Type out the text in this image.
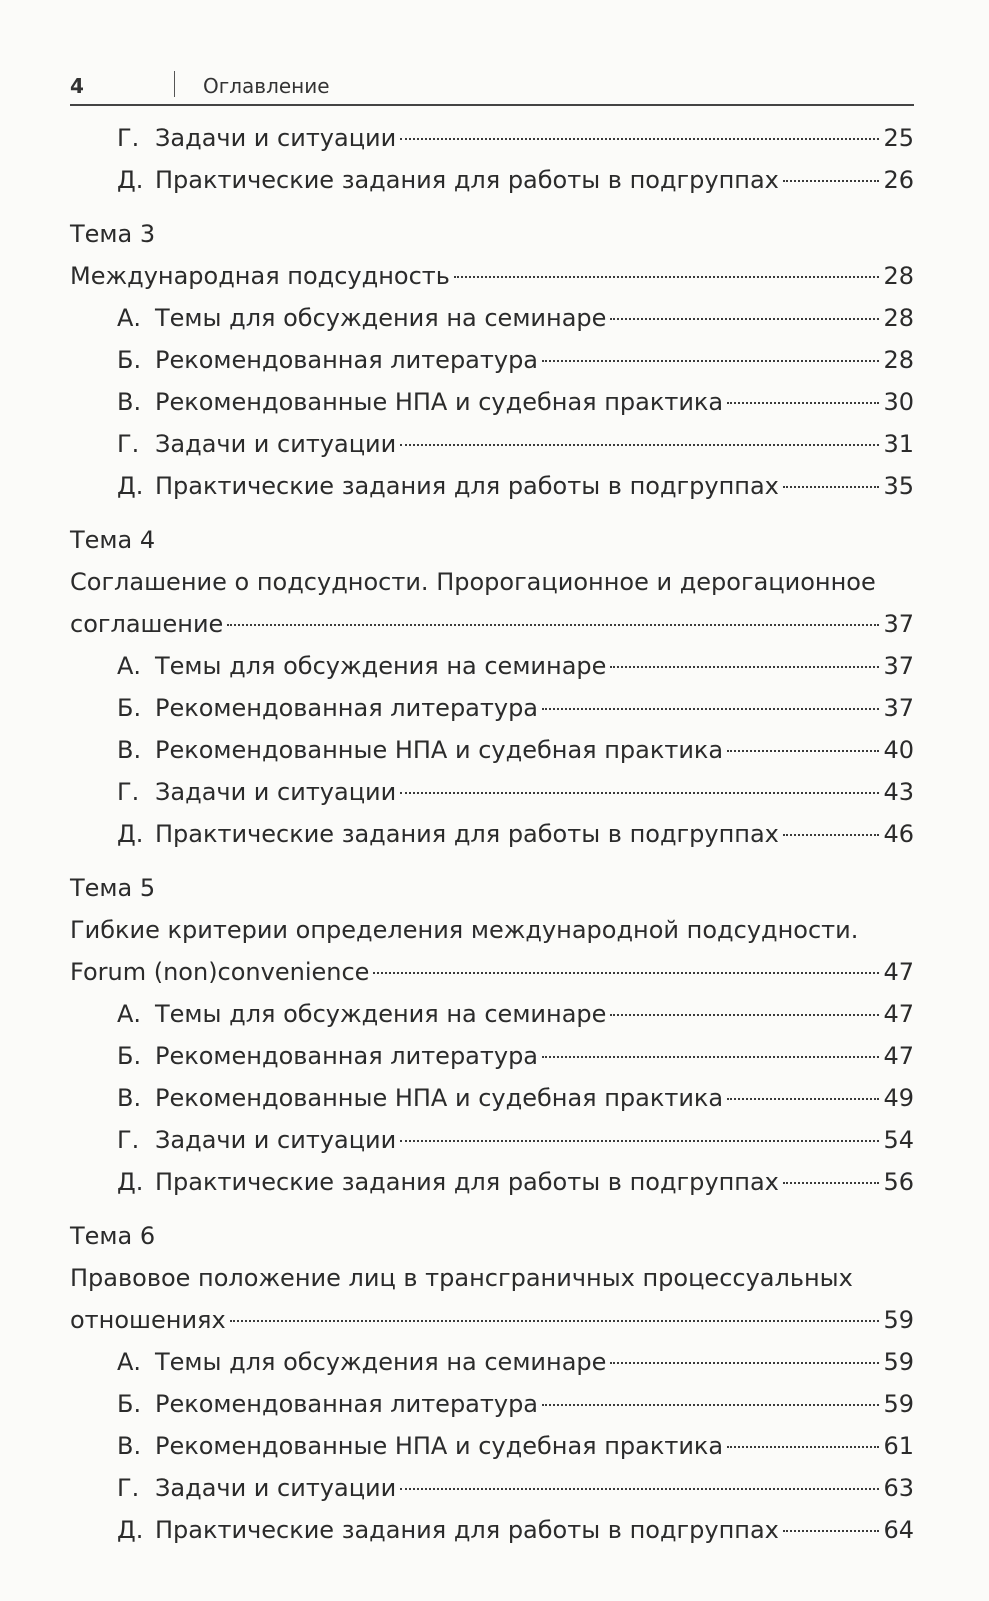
4	Оглавление
Г. Задачи и ситуации	25
Д. Практические задания для работы в подгруппах	26
Тема 3
Международная подсудность	28
А. Темы для обсуждения на семинаре	28
Б. Рекомендованная литература	28
В. Рекомендованные НПА и судебная практика	30
Г. Задачи и ситуации	31
Д. Практические задания для работы в подгруппах	35
Тема 4
Соглашение о подсудности. Пророгационное и дерогационное
соглашение	37
А. Темы для обсуждения на семинаре	37
Б. Рекомендованная литература	37
В. Рекомендованные НПА и судебная практика	40
Г. Задачи и ситуации	43
Д. Практические задания для работы в подгруппах	46
Тема 5
Гибкие критерии определения международной подсудности.
Forum (non)convenience	47
А. Темы для обсуждения на семинаре	47
Б. Рекомендованная литература	47
В. Рекомендованные НПА и судебная практика	49
Г. Задачи и ситуации	54
Д. Практические задания для работы в подгруппах	56
Тема 6
Правовое положение лиц в трансграничных процессуальных
отношениях	59
А. Темы для обсуждения на семинаре	59
Б. Рекомендованная литература	59
В. Рекомендованные НПА и судебная практика	61
Г. Задачи и ситуации	63
Д. Практические задания для работы в подгруппах	64
